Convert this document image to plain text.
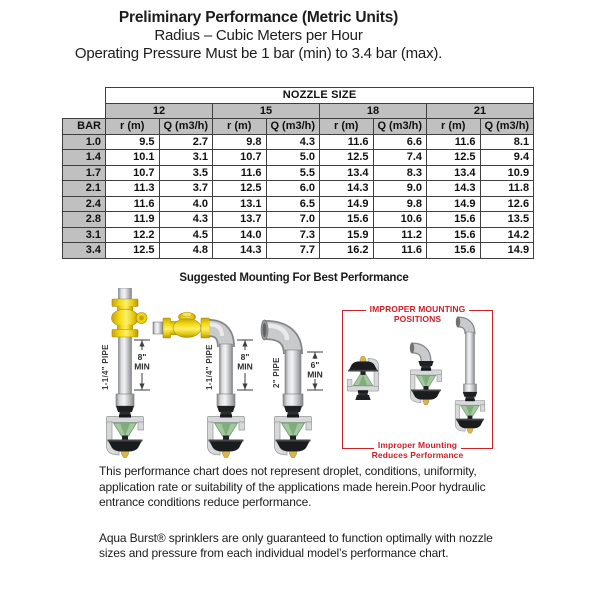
Preliminary Performance (Metric Units)
Radius – Cubic Meters per Hour
Operating Pressure Must be 1 bar (min) to 3.4 bar (max).
	NOZZLE SIZE							
	12		15		18		21	
BAR	r (m)	Q (m3/h)	r (m)	Q (m3/h)	r (m)	Q (m3/h)	r (m)	Q (m3/h)
1.0	9.5	2.7	9.8	4.3	11.6	6.6	11.6	8.1
1.4	10.1	3.1	10.7	5.0	12.5	7.4	12.5	9.4
1.7	10.7	3.5	11.6	5.5	13.4	8.3	13.4	10.9
2.1	11.3	3.7	12.5	6.0	14.3	9.0	14.3	11.8
2.4	11.6	4.0	13.1	6.5	14.9	9.8	14.9	12.6
2.8	11.9	4.3	13.7	7.0	15.6	10.6	15.6	13.5
3.1	12.2	4.5	14.0	7.3	15.9	11.2	15.6	14.2
3.4	12.5	4.8	14.3	7.7	16.2	11.6	15.6	14.9
Suggested Mounting For Best Performance
1-1/4" PIPE	8"
MIN	1-1/4" PIPE	8"
MIN 2" PIPE	6"
MIN
IMPROPER MOUNTING
POSITIONS
Improper Mounting
Reduces Performance
This performance chart does not represent droplet, conditions, uniformity,
application rate or suitability of the applications made herein.Poor hydraulic
entrance conditions reduce performance.
Aqua Burst® sprinklers are only guaranteed to function optimally with nozzle
sizes and pressure from each individual model’s performance chart.
